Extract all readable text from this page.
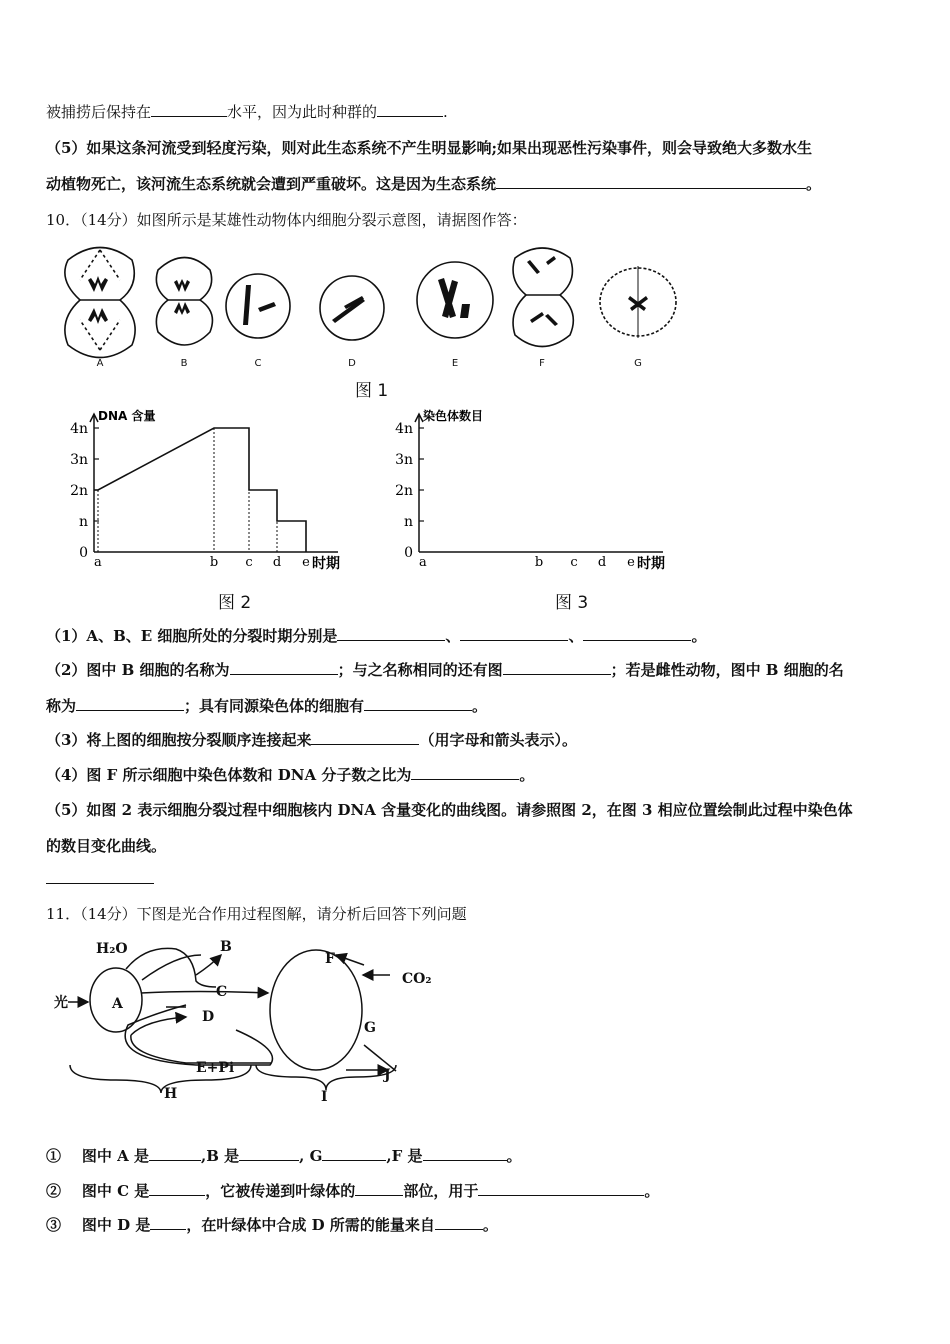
被捕捞后保持在	水平，因为此时种群的	.
（5）如果这条河流受到轻度污染，则对此生态系统不产生明显影响;如果出现恶性污染事件，则会导致绝大多数水生
动植物死亡，该河流生态系统就会遭到严重破坏。这是因为生态系统	。
10．（14分）如图所示是某雄性动物体内细胞分裂示意图，请据图作答：
A	B	C	D	E	F	G
图 1
DNA 含量
4n
3n
2n
n
0
a	b c d e 时期
图 2
染色体数目
4n
3n
2n
n
0
a	b c d e 时期
图 3
（1）A、B、E 细胞所处的分裂时期分别是	、	、	。
（2）图中 B 细胞的名称为	；与之名称相同的还有图	；若是雌性动物，图中 B 细胞的名
称为	；具有同源染色体的细胞有	。
（3）将上图的细胞按分裂顺序连接起来	（用字母和箭头表示）。
（4）图 F 所示细胞中染色体数和 DNA 分子数之比为	。
（5）如图 2 表示细胞分裂过程中细胞核内 DNA 含量变化的曲线图。请参照图 2，在图 3 相应位置绘制此过程中染色体
的数目变化曲线。
11．（14分）下图是光合作用过程图解，请分析后回答下列问题
H₂O	B
光	A
C
D
E+Pi
H
F
CO₂
G
J
I
① 图中 A 是	,B 是	, G	,F 是	。
② 图中 C 是	，它被传递到叶绿体的	部位，用于	。
③ 图中 D 是 ，在叶绿体中合成 D 所需的能量来自	。
